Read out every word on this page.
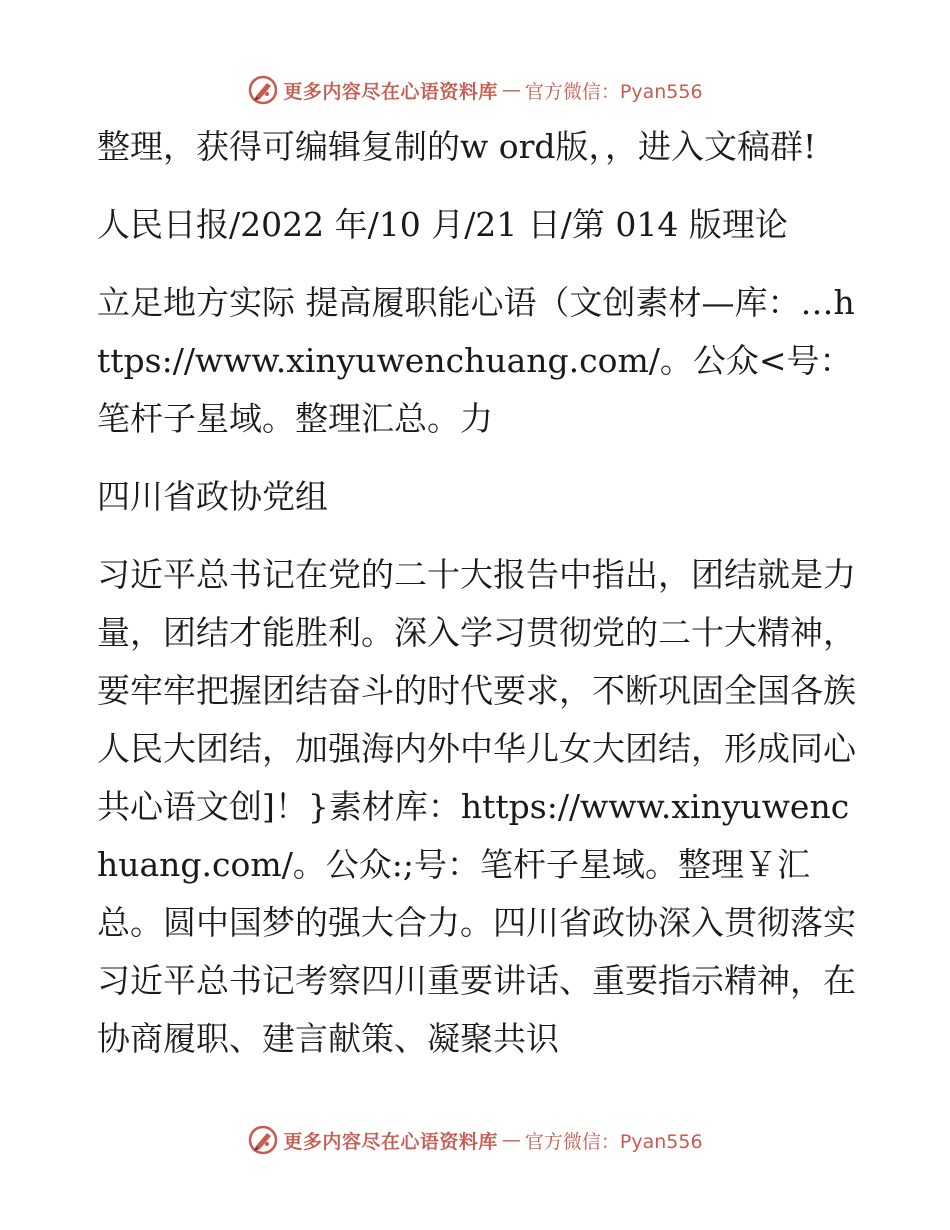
更多内容尽在心语资料库 — 官方微信：Pyan556

整理，获得可编辑复制的w ord版，，进入文稿群!

人民日报/2022 年/10 月/21 日/第 014 版理论

立足地方实际 提高履职能心语（文创素材—库：…https://www.xinyuwenchuang.com/。公众<号：笔杆子星域。整理汇总。力

四川省政协党组

习近平总书记在党的二十大报告中指出，团结就是力量，团结才能胜利。深入学习贯彻党的二十大精神，要牢牢把握团结奋斗的时代要求，不断巩固全国各族人民大团结，加强海内外中华儿女大团结，形成同心共心语文创]！}素材库：https://www.xinyuwenchuang.com/。公众:;号：笔杆子星域。整理￥汇总。圆中国梦的强大合力。四川省政协深入贯彻落实习近平总书记考察四川重要讲话、重要指示精神，在协商履职、建言献策、凝聚共识

更多内容尽在心语资料库 — 官方微信：Pyan556
